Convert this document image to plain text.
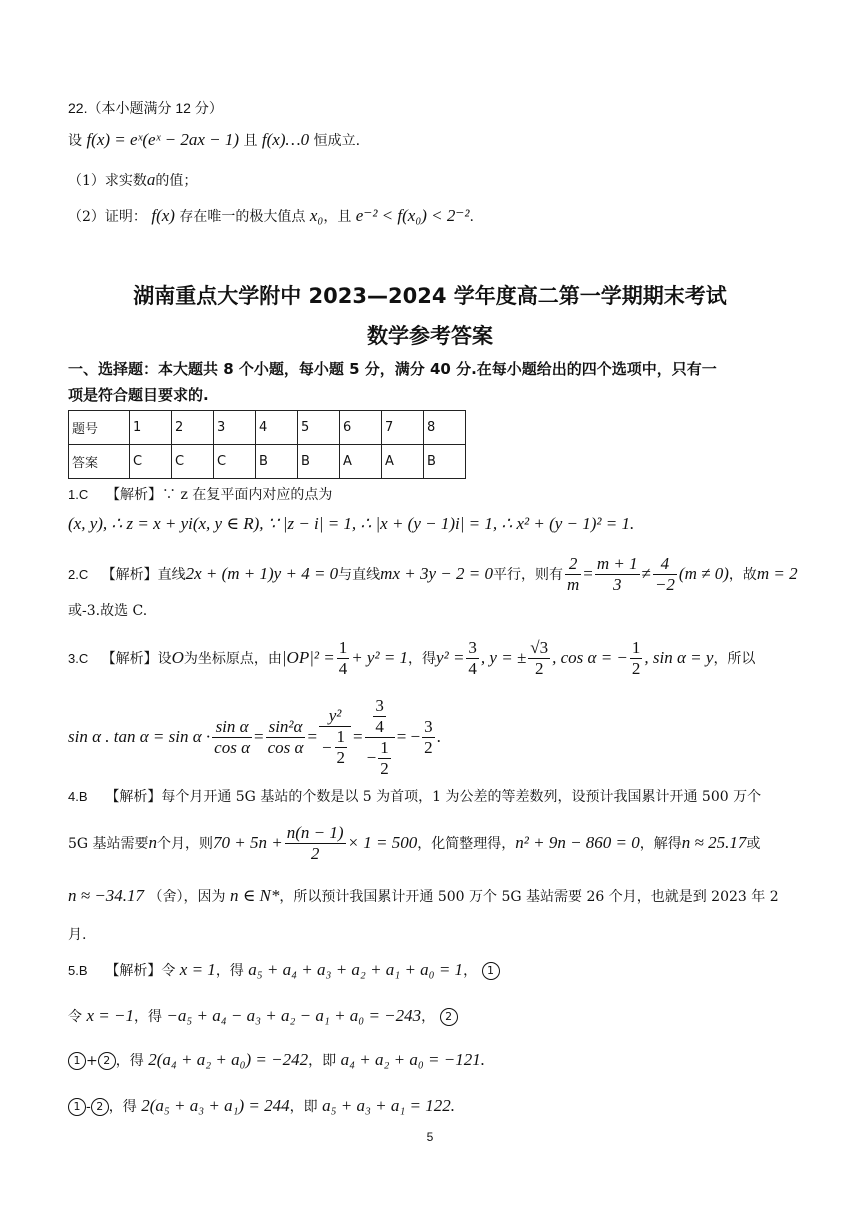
22.（本小题满分 12 分）
设 f(x) = eˣ(eˣ − 2ax − 1) 且 f(x)…0 恒成立.
（1）求实数a的值；
（2）证明： f(x) 存在唯一的极大值点 x₀，且 e⁻² < f(x₀) < 2⁻².
湖南重点大学附中 2023—2024 学年度高二第一学期期末考试
数学参考答案
一、选择题：本大题共 8 个小题，每小题 5 分，满分 40 分.在每小题给出的四个选项中，只有一
项是符合题目要求的.
题号	1	2	3	4	5	6	7	8
答案	C	C	C	B	B	A	A	B
1.C 【解析】∵ z 在复平面内对应的点为
(x, y), ∴ z = x + yi(x, y ∈ R), ∵ |z − i| = 1, ∴ |x + (y − 1)i| = 1, ∴ x² + (y − 1)² = 1.
2.C
【解析】 直线 2x + (m + 1)y + 4 = 0 与直线 mx + 3y − 2 = 0 平行，则有 $\frac{2}{m} = \frac{m + 1}{3} \ne \frac{4}{-2} (m \ne 0)$ ，故 m = 2
或-3.故选 C.
3.C
【解析】 设 O 为坐标原点，由 $|OP|^2 = \frac{1}{4} + y^2 = 1$ ，得 $y^2 = \frac{3}{4}$ , y = ± $\frac{√3}{2}$ , cos α = − $\frac{1}{2}$ , sin α = y ，所以
sin α . $\tan \alpha = \sin \alpha \cdot \frac{\text{sin α}}{\text{cos α}} = \frac{\text{sin²α}}{\text{cos α}} = \frac{\text{y²}}{- \frac{1}{2}} = \frac{\frac{3}{4}}{- \frac{1}{2}}$ = − $\frac{3}{2}$ .
4.B 【解析】每个月开通 5G 基站的个数是以 5 为首项，1 为公差的等差数列，设预计我国累计开通 500 万个
5G 基站需要 n 个月，则 $70 + 5n + \frac{n(n - 1)}{2} \times 1 = 500$ ，化简整理得， n² + 9n − 860 = 0 ，解得 n ≈ 25.17 或
n ≈ −34.17 （舍），因为 n ∈ N*，所以预计我国累计开通 500 万个 5G 基站需要 26 个月，也就是到 2023 年 2
月.
5.B 【解析】令 x = 1，得 a₅ + a₄ + a₃ + a₂ + a₁ + a₀ = 1， 1
令 x = −1，得 −a₅ + a₄ − a₃ + a₂ − a₁ + a₀ = −243， 2
1 + 2 ，得 2(a₄ + a₂ + a₀) = −242，即 a₄ + a₂ + a₀ = −121.
1 - 2 ，得 2(a₅ + a₃ + a₁) = 244，即 a₅ + a₃ + a₁ = 122.
5
